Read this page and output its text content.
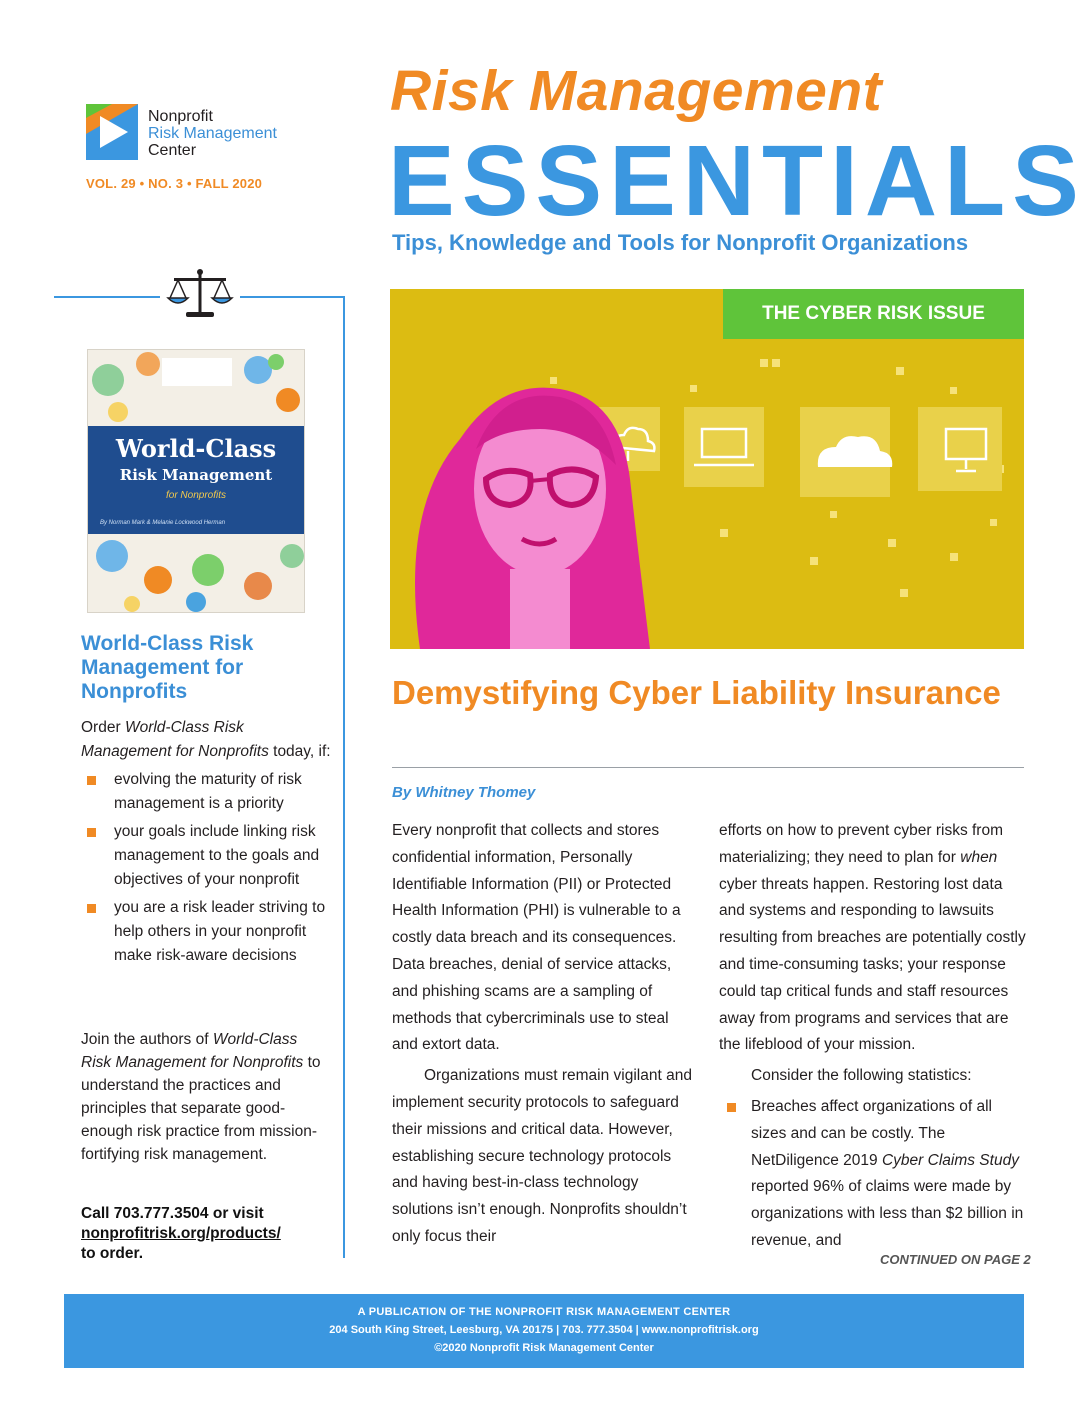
Nonprofit
Risk Management
Center
VOL. 29 • NO. 3 • FALL 2020
Risk Management
ESSENTIALS
Tips, Knowledge and Tools for Nonprofit Organizations
World-Class
Risk Management
for Nonprofits
By Norman Mark & Melanie Lockwood Herman
World-Class Risk Management for Nonprofits
Order World-Class Risk Management for Nonprofits today, if:
evolving the maturity of risk management is a priority
your goals include linking risk management to the goals and objectives of your nonprofit
you are a risk leader striving to help others in your nonprofit make risk-aware decisions
Join the authors of World-Class Risk Management for Nonprofits to understand the practices and principles that separate good-enough risk practice from mission-fortifying risk management.
Call 703.777.3504 or visit
nonprofitrisk.org/products/
to order.
THE CYBER RISK ISSUE
Demystifying Cyber Liability Insurance
By Whitney Thomey

Every nonprofit that collects and stores confidential information, Personally Identifiable Information (PII) or Protected Health Information (PHI) is vulnerable to a costly data breach and its consequences. Data breaches, denial of service attacks, and phishing scams are a sampling of methods that cybercriminals use to steal and extort data.

Organizations must remain vigilant and implement security protocols to safeguard their missions and critical data. However, establishing secure technology protocols and having best-in-class technology solutions isn’t enough. Nonprofits shouldn’t only focus their

efforts on how to prevent cyber risks from materializing; they need to plan for when cyber threats happen. Restoring lost data and systems and responding to lawsuits resulting from breaches are potentially costly and time-consuming tasks; your response could tap critical funds and staff resources away from programs and services that are the lifeblood of your mission.

Consider the following statistics:

Breaches affect organizations of all sizes and can be costly. The NetDiligence 2019 Cyber Claims Study reported 96% of claims were made by organizations with less than $2 billion in revenue, and

CONTINUED ON PAGE 2
A PUBLICATION OF THE NONPROFIT RISK MANAGEMENT CENTER
204 South King Street, Leesburg, VA 20175 | 703. 777.3504 | www.nonprofitrisk.org
©2020 Nonprofit Risk Management Center
